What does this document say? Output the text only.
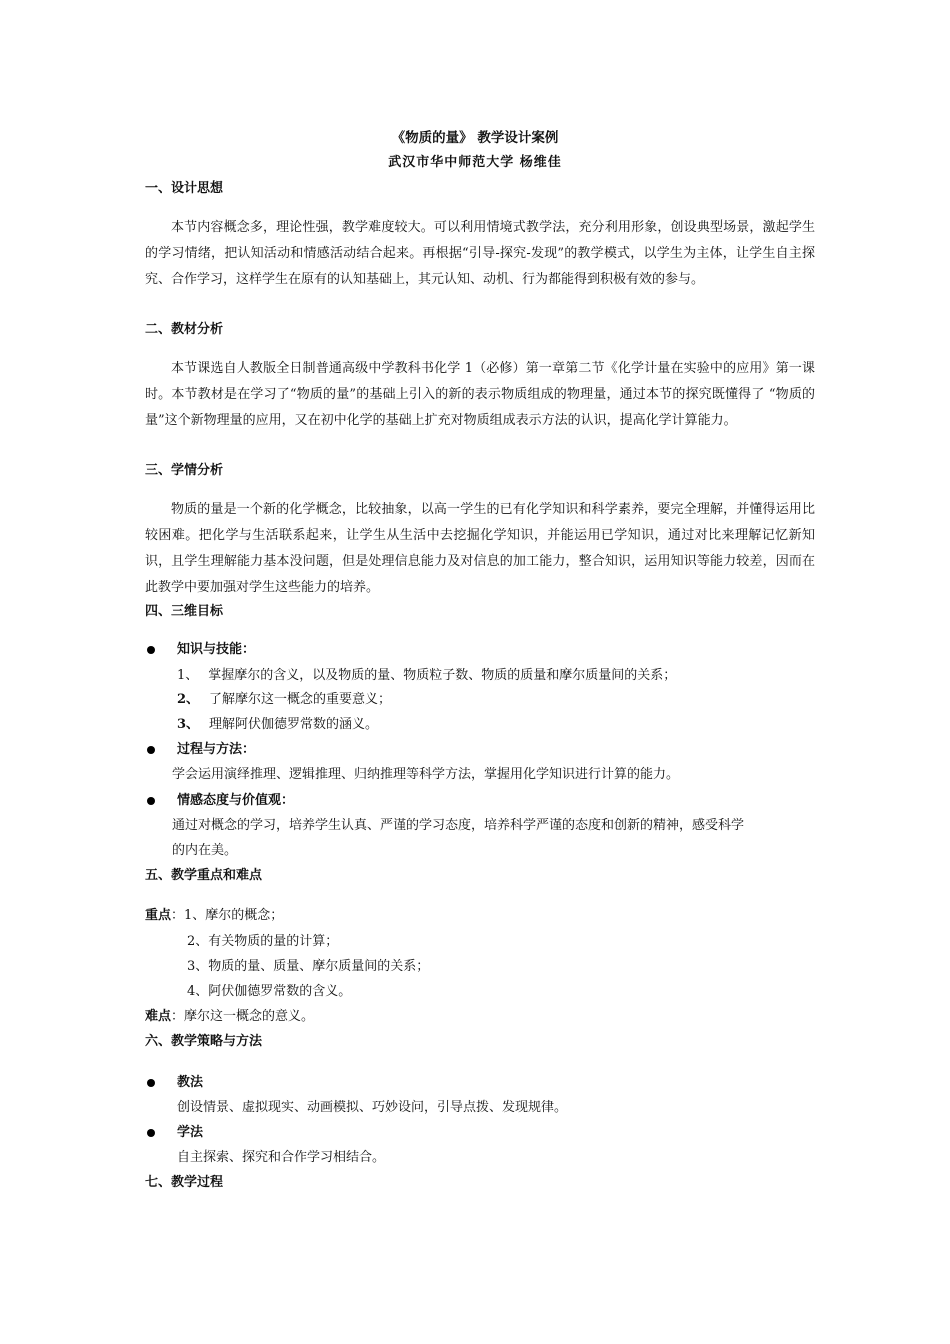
《物质的量》 教学设计案例
武汉市华中师范大学 杨维佳
一、设计思想

本节内容概念多，理论性强，教学难度较大。可以利用情境式教学法，充分利用形象，创设典型场景，激起学生的学习情绪，把认知活动和情感活动结合起来。再根据“引导-探究-发现”的教学模式，以学生为主体，让学生自主探究、合作学习，这样学生在原有的认知基础上，其元认知、动机、行为都能得到积极有效的参与。

二、教材分析

本节课选自人教版全日制普通高级中学教科书化学 1（必修）第一章第二节《化学计量在实验中的应用》第一课时。本节教材是在学习了“物质的量”的基础上引入的新的表示物质组成的物理量，通过本节的探究既懂得了 “物质的量”这个新物理量的应用，又在初中化学的基础上扩充对物质组成表示方法的认识，提高化学计算能力。

三、学情分析

物质的量是一个新的化学概念，比较抽象，以高一学生的已有化学知识和科学素养，要完全理解，并懂得运用比较困难。把化学与生活联系起来，让学生从生活中去挖掘化学知识，并能运用已学知识，通过对比来理解记忆新知识，且学生理解能力基本没问题，但是处理信息能力及对信息的加工能力，整合知识，运用知识等能力较差，因而在此教学中要加强对学生这些能力的培养。

四、三维目标
知识与技能：
1、 掌握摩尔的含义，以及物质的量、物质粒子数、物质的质量和摩尔质量间的关系；
2、 了解摩尔这一概念的重要意义；
3、 理解阿伏伽德罗常数的涵义。
过程与方法：
学会运用演绎推理、逻辑推理、归纳推理等科学方法，掌握用化学知识进行计算的能力。
情感态度与价值观：
通过对概念的学习，培养学生认真、严谨的学习态度，培养科学严谨的态度和创新的精神，感受科学
的内在美。
五、教学重点和难点
重点：1、摩尔的概念；
2、有关物质的量的计算；
3、物质的量、质量、摩尔质量间的关系；
4、阿伏伽德罗常数的含义。
难点：摩尔这一概念的意义。
六、教学策略与方法
教法
创设情景、虚拟现实、动画模拟、巧妙设问，引导点拨、发现规律。
学法
自主探索、探究和合作学习相结合。
七、教学过程
